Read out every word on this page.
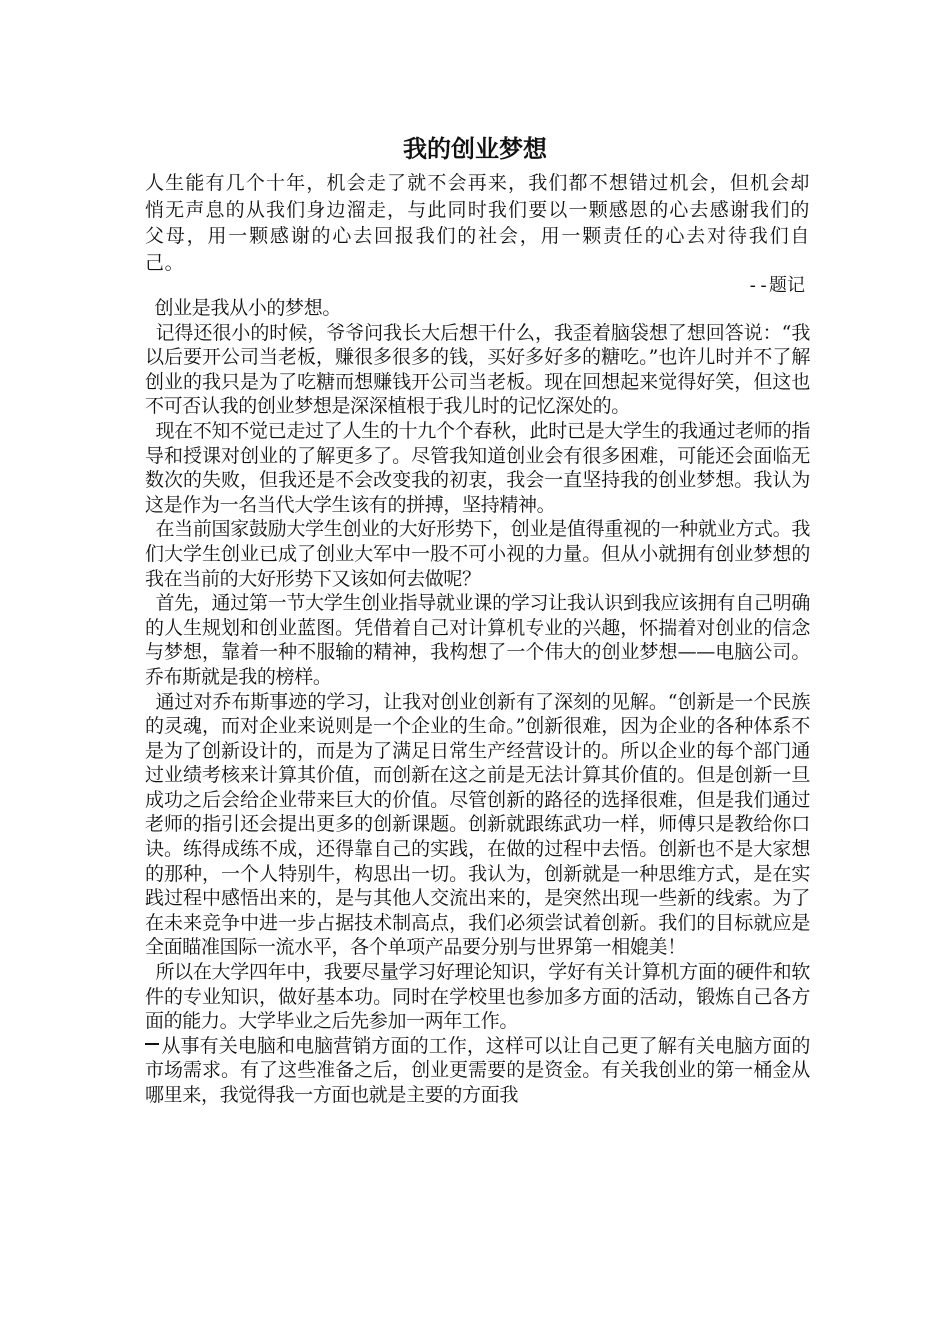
我的创业梦想
人生能有几个十年，机会走了就不会再来，我们都不想错过机会，但机会却悄无声息的从我们身边溜走，与此同时我们要以一颗感恩的心去感谢我们的父母，用一颗感谢的心去回报我们的社会，用一颗责任的心去对待我们自己。
--题记

创业是我从小的梦想。

记得还很小的时候，爷爷问我长大后想干什么，我歪着脑袋想了想回答说：“我以后要开公司当老板，赚很多很多的钱，买好多好多的糖吃。”也许儿时并不了解创业的我只是为了吃糖而想赚钱开公司当老板。现在回想起来觉得好笑，但这也不可否认我的创业梦想是深深植根于我儿时的记忆深处的。

现在不知不觉已走过了人生的十九个个春秋，此时已是大学生的我通过老师的指导和授课对创业的了解更多了。尽管我知道创业会有很多困难，可能还会面临无数次的失败，但我还是不会改变我的初衷，我会一直坚持我的创业梦想。我认为这是作为一名当代大学生该有的拼搏，坚持精神。

在当前国家鼓励大学生创业的大好形势下，创业是值得重视的一种就业方式。我们大学生创业已成了创业大军中一股不可小视的力量。但从小就拥有创业梦想的我在当前的大好形势下又该如何去做呢？

首先，通过第一节大学生创业指导就业课的学习让我认识到我应该拥有自己明确的人生规划和创业蓝图。凭借着自己对计算机专业的兴趣，怀揣着对创业的信念与梦想，靠着一种不服输的精神，我构想了一个伟大的创业梦想——电脑公司。乔布斯就是我的榜样。

通过对乔布斯事迹的学习，让我对创业创新有了深刻的见解。“创新是一个民族的灵魂，而对企业来说则是一个企业的生命。”创新很难，因为企业的各种体系不是为了创新设计的，而是为了满足日常生产经营设计的。所以企业的每个部门通过业绩考核来计算其价值，而创新在这之前是无法计算其价值的。但是创新一旦成功之后会给企业带来巨大的价值。尽管创新的路径的选择很难，但是我们通过老师的指引还会提出更多的创新课题。创新就跟练武功一样，师傅只是教给你口诀。练得成练不成，还得靠自己的实践，在做的过程中去悟。创新也不是大家想的那种，一个人特别牛，构思出一切。我认为，创新就是一种思维方式，是在实践过程中感悟出来的，是与其他人交流出来的，是突然出现一些新的线索。为了在未来竞争中进一步占据技术制高点，我们必须尝试着创新。我们的目标就应是全面瞄准国际一流水平，各个单项产品要分别与世界第一相媲美！

所以在大学四年中，我要尽量学习好理论知识，学好有关计算机方面的硬件和软件的专业知识，做好基本功。同时在学校里也参加多方面的活动，锻炼自己各方面的能力。大学毕业之后先参加一两年工作。

从事有关电脑和电脑营销方面的工作，这样可以让自己更了解有关电脑方面的市场需求。有了这些准备之后，创业更需要的是资金。有关我创业的第一桶金从哪里来，我觉得我一方面也就是主要的方面我
